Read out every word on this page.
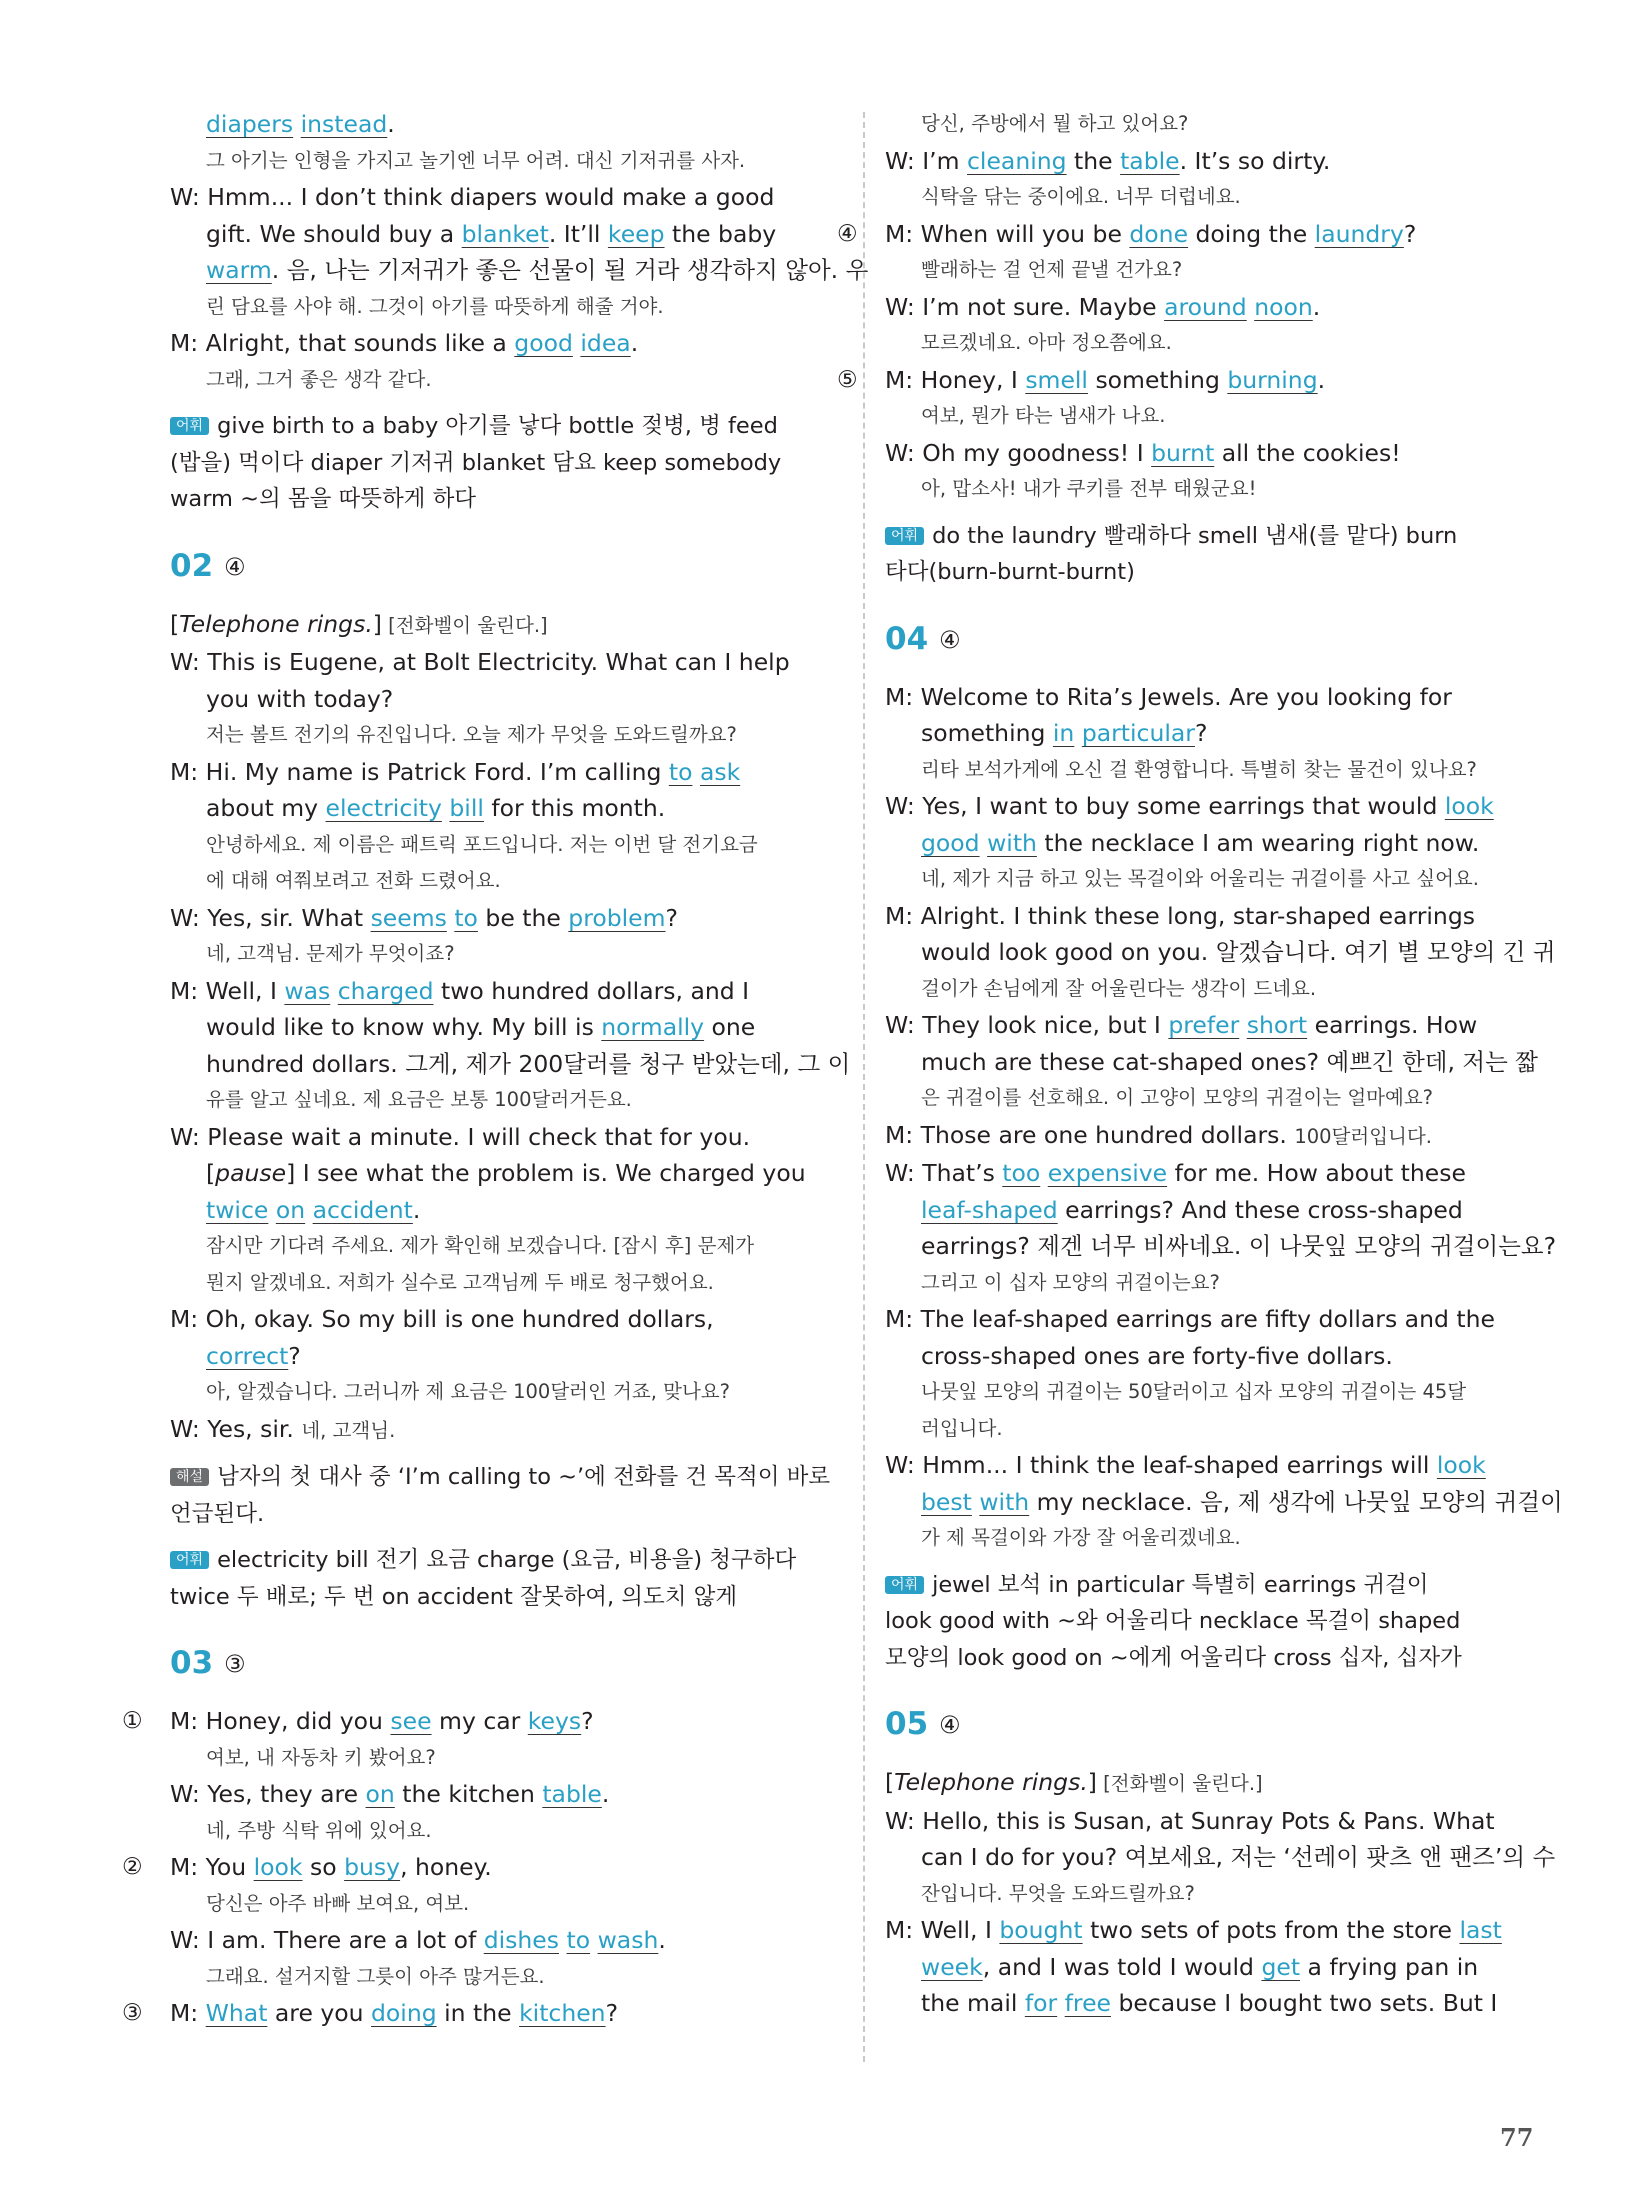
diapers instead.
그 아기는 인형을 가지고 놀기엔 너무 어려. 대신 기저귀를 사자.
W: Hmm... I don’t think diapers would make a good
gift. We should buy a blanket. It’ll keep the baby
warm. 음, 나는 기저귀가 좋은 선물이 될 거라 생각하지 않아. 우
린 담요를 사야 해. 그것이 아기를 따뜻하게 해줄 거야.
M: Alright, that sounds like a good idea.
그래, 그거 좋은 생각 같다.
어휘 give birth to a baby 아기를 낳다 bottle 젖병, 병 feed
(밥을) 먹이다 diaper 기저귀 blanket 담요 keep somebody
warm ~의 몸을 따뜻하게 하다
02 ④
[Telephone rings.] [전화벨이 울린다.]
W: This is Eugene, at Bolt Electricity. What can I help
you with today?
저는 볼트 전기의 유진입니다. 오늘 제가 무엇을 도와드릴까요?
M: Hi. My name is Patrick Ford. I’m calling to ask
about my electricity bill for this month.
안녕하세요. 제 이름은 패트릭 포드입니다. 저는 이번 달 전기요금
에 대해 여쭤보려고 전화 드렸어요.
W: Yes, sir. What seems to be the problem?
네, 고객님. 문제가 무엇이죠?
M: Well, I was charged two hundred dollars, and I
would like to know why. My bill is normally one
hundred dollars. 그게, 제가 200달러를 청구 받았는데, 그 이
유를 알고 싶네요. 제 요금은 보통 100달러거든요.
W: Please wait a minute. I will check that for you.
[pause] I see what the problem is. We charged you
twice on accident.
잠시만 기다려 주세요. 제가 확인해 보겠습니다. [잠시 후] 문제가
뭔지 알겠네요. 저희가 실수로 고객님께 두 배로 청구했어요.
M: Oh, okay. So my bill is one hundred dollars,
correct?
아, 알겠습니다. 그러니까 제 요금은 100달러인 거죠, 맞나요?
W: Yes, sir. 네, 고객님.
해설 남자의 첫 대사 중 ‘I’m calling to ~’에 전화를 건 목적이 바로
언급된다.
어휘 electricity bill 전기 요금 charge (요금, 비용을) 청구하다
twice 두 배로; 두 번 on accident 잘못하여, 의도치 않게
03 ③
① M: Honey, did you see my car keys?
여보, 내 자동차 키 봤어요?
W: Yes, they are on the kitchen table.
네, 주방 식탁 위에 있어요.
② M: You look so busy, honey.
당신은 아주 바빠 보여요, 여보.
W: I am. There are a lot of dishes to wash.
그래요. 설거지할 그릇이 아주 많거든요.
③ M: What are you doing in the kitchen?
당신, 주방에서 뭘 하고 있어요?
W: I’m cleaning the table. It’s so dirty.
식탁을 닦는 중이에요. 너무 더럽네요.
④ M: When will you be done doing the laundry?
빨래하는 걸 언제 끝낼 건가요?
W: I’m not sure. Maybe around noon.
모르겠네요. 아마 정오쯤에요.
⑤ M: Honey, I smell something burning.
여보, 뭔가 타는 냄새가 나요.
W: Oh my goodness! I burnt all the cookies!
아, 맙소사! 내가 쿠키를 전부 태웠군요!
어휘 do the laundry 빨래하다 smell 냄새(를 맡다) burn
타다(burn-burnt-burnt)
04 ④
M: Welcome to Rita’s Jewels. Are you looking for
something in particular?
리타 보석가게에 오신 걸 환영합니다. 특별히 찾는 물건이 있나요?
W: Yes, I want to buy some earrings that would look
good with the necklace I am wearing right now.
네, 제가 지금 하고 있는 목걸이와 어울리는 귀걸이를 사고 싶어요.
M: Alright. I think these long, star-shaped earrings
would look good on you. 알겠습니다. 여기 별 모양의 긴 귀
걸이가 손님에게 잘 어울린다는 생각이 드네요.
W: They look nice, but I prefer short earrings. How
much are these cat-shaped ones? 예쁘긴 한데, 저는 짧
은 귀걸이를 선호해요. 이 고양이 모양의 귀걸이는 얼마예요?
M: Those are one hundred dollars. 100달러입니다.
W: That’s too expensive for me. How about these
leaf-shaped earrings? And these cross-shaped
earrings? 제겐 너무 비싸네요. 이 나뭇잎 모양의 귀걸이는요?
그리고 이 십자 모양의 귀걸이는요?
M: The leaf-shaped earrings are fifty dollars and the
cross-shaped ones are forty-five dollars.
나뭇잎 모양의 귀걸이는 50달러이고 십자 모양의 귀걸이는 45달
러입니다.
W: Hmm... I think the leaf-shaped earrings will look
best with my necklace. 음, 제 생각에 나뭇잎 모양의 귀걸이
가 제 목걸이와 가장 잘 어울리겠네요.
어휘 jewel 보석 in particular 특별히 earrings 귀걸이
look good with ~와 어울리다 necklace 목걸이 shaped
모양의 look good on ~에게 어울리다 cross 십자, 십자가
05 ④
[Telephone rings.] [전화벨이 울린다.]
W: Hello, this is Susan, at Sunray Pots & Pans. What
can I do for you? 여보세요, 저는 ‘선레이 팟츠 앤 팬즈’의 수
잔입니다. 무엇을 도와드릴까요?
M: Well, I bought two sets of pots from the store last
week, and I was told I would get a frying pan in
the mail for free because I bought two sets. But I
77
